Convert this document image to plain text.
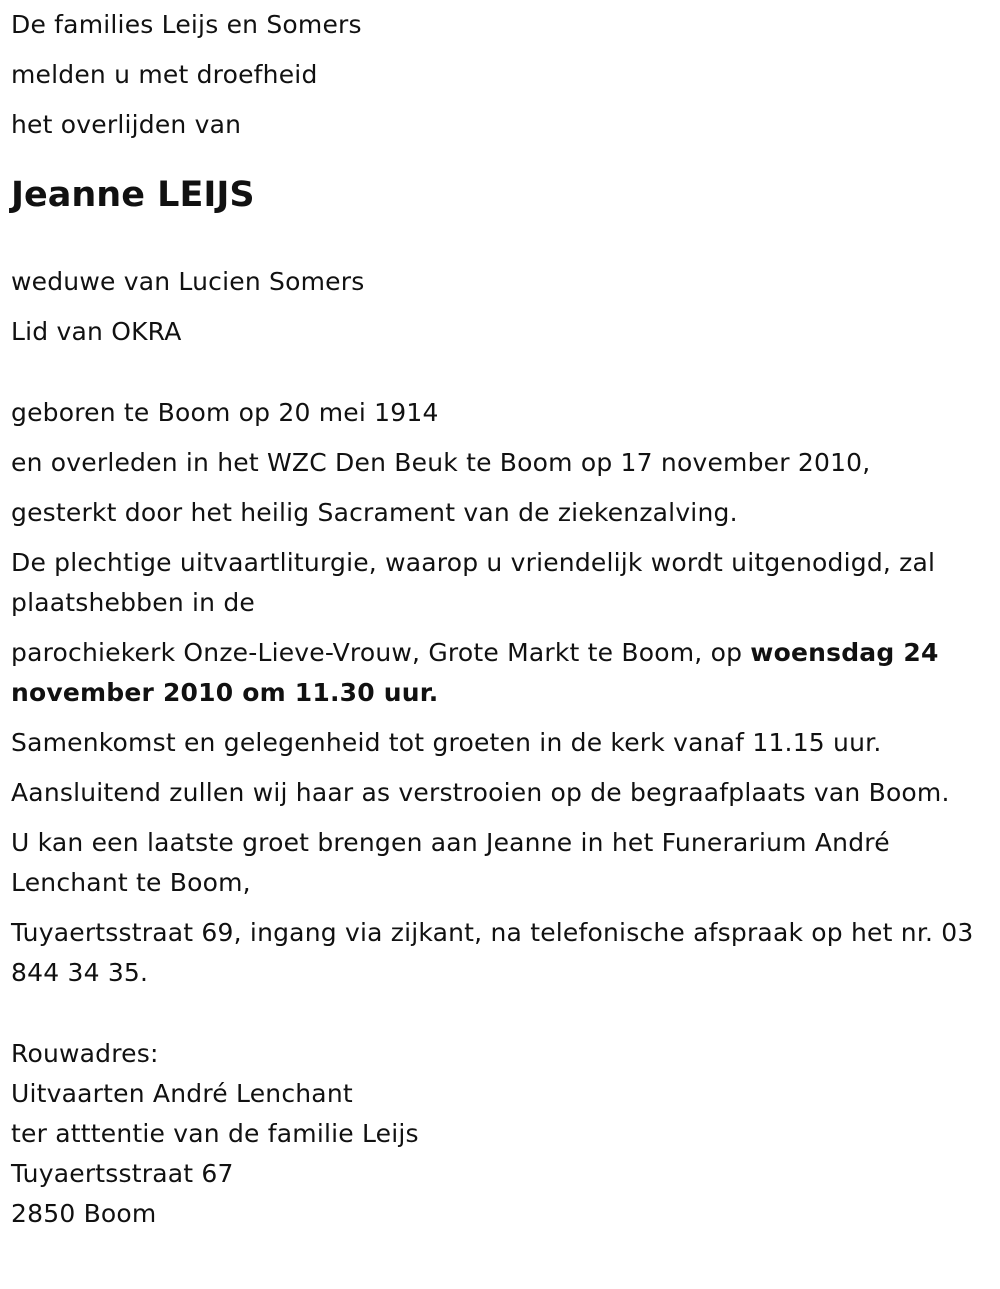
De families Leijs en Somers

melden u met droefheid

het overlijden van

Jeanne LEIJS

weduwe van Lucien Somers

Lid van OKRA

geboren te Boom op 20 mei 1914

en overleden in het WZC Den Beuk te Boom op 17 november 2010,

gesterkt door het heilig Sacrament van de ziekenzalving.

De plechtige uitvaartliturgie, waarop u vriendelijk wordt uitgenodigd, zal plaatshebben in de

parochiekerk Onze-Lieve-Vrouw, Grote Markt te Boom, op woensdag 24 november 2010 om 11.30 uur.

Samenkomst en gelegenheid tot groeten in de kerk vanaf 11.15 uur.

Aansluitend zullen wij haar as verstrooien op de begraafplaats van Boom.

U kan een laatste groet brengen aan Jeanne in het Funerarium André Lenchant te Boom,

Tuyaertsstraat 69, ingang via zijkant, na telefonische afspraak op het nr. 03 844 34 35.

Rouwadres:
Uitvaarten André Lenchant
ter atttentie van de familie Leijs
Tuyaertsstraat 67
2850 Boom
